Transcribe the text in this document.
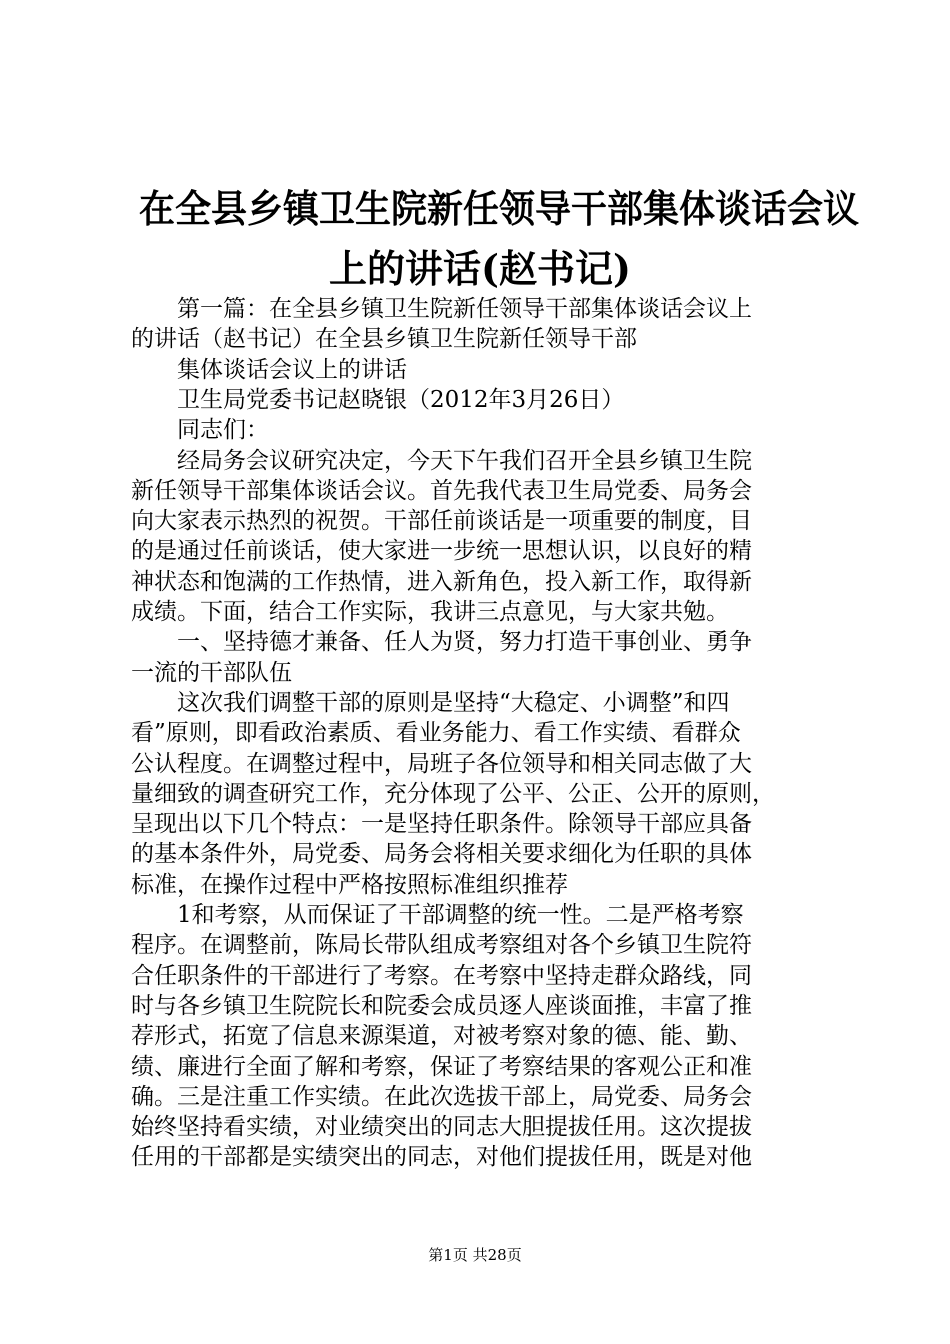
在全县乡镇卫生院新任领导干部集体谈话会议
上的讲话(赵书记)
　　第一篇：在全县乡镇卫生院新任领导干部集体谈话会议上
的讲话（赵书记）在全县乡镇卫生院新任领导干部
　　集体谈话会议上的讲话
　　卫生局党委书记赵晓银（2012年3月26日）
　　同志们：
　　经局务会议研究决定，今天下午我们召开全县乡镇卫生院
新任领导干部集体谈话会议。首先我代表卫生局党委、局务会
向大家表示热烈的祝贺。干部任前谈话是一项重要的制度，目
的是通过任前谈话，使大家进一步统一思想认识，以良好的精
神状态和饱满的工作热情，进入新角色，投入新工作，取得新
成绩。下面，结合工作实际，我讲三点意见，与大家共勉。
　　一、坚持德才兼备、任人为贤，努力打造干事创业、勇争
一流的干部队伍
　　这次我们调整干部的原则是坚持“大稳定、小调整”和四
看”原则，即看政治素质、看业务能力、看工作实绩、看群众
公认程度。在调整过程中，局班子各位领导和相关同志做了大
量细致的调查研究工作，充分体现了公平、公正、公开的原则，
呈现出以下几个特点：一是坚持任职条件。除领导干部应具备
的基本条件外，局党委、局务会将相关要求细化为任职的具体
标准，在操作过程中严格按照标准组织推荐
　　1和考察，从而保证了干部调整的统一性。二是严格考察
程序。在调整前，陈局长带队组成考察组对各个乡镇卫生院符
合任职条件的干部进行了考察。在考察中坚持走群众路线，同
时与各乡镇卫生院院长和院委会成员逐人座谈面推，丰富了推
荐形式，拓宽了信息来源渠道，对被考察对象的德、能、勤、
绩、廉进行全面了解和考察，保证了考察结果的客观公正和准
确。三是注重工作实绩。在此次选拔干部上，局党委、局务会
始终坚持看实绩，对业绩突出的同志大胆提拔任用。这次提拔
任用的干部都是实绩突出的同志，对他们提拔任用，既是对他
第1页 共28页
